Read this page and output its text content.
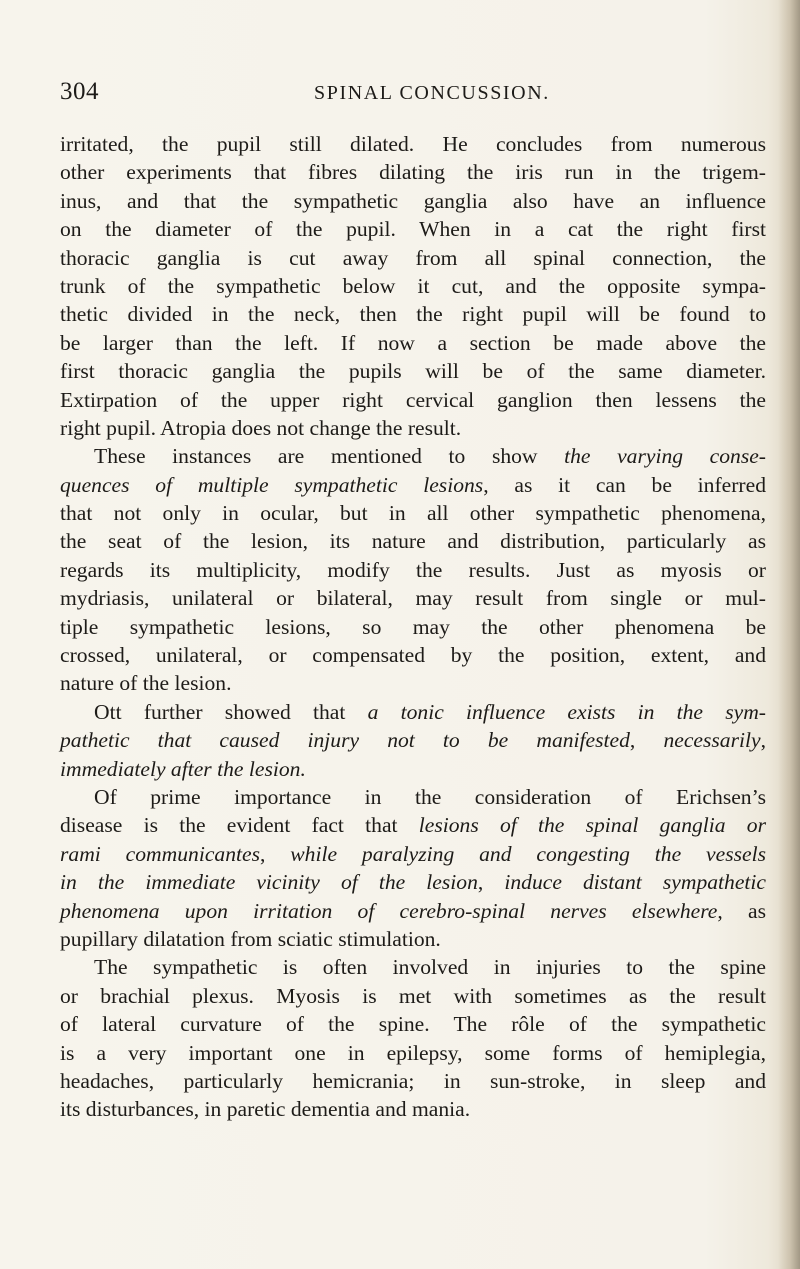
304	SPINAL CONCUSSION.
irritated, the pupil still dilated. He concludes from numerous
other experiments that fibres dilating the iris run in the trigem-
inus, and that the sympathetic ganglia also have an influence
on the diameter of the pupil. When in a cat the right first
thoracic ganglia is cut away from all spinal connection, the
trunk of the sympathetic below it cut, and the opposite sympa-
thetic divided in the neck, then the right pupil will be found to
be larger than the left. If now a section be made above the
first thoracic ganglia the pupils will be of the same diameter.
Extirpation of the upper right cervical ganglion then lessens the
right pupil. Atropia does not change the result.
These instances are mentioned to show the varying conse-
quences of multiple sympathetic lesions, as it can be inferred
that not only in ocular, but in all other sympathetic phenomena,
the seat of the lesion, its nature and distribution, particularly as
regards its multiplicity, modify the results. Just as myosis or
mydriasis, unilateral or bilateral, may result from single or mul-
tiple sympathetic lesions, so may the other phenomena be
crossed, unilateral, or compensated by the position, extent, and
nature of the lesion.
Ott further showed that a tonic influence exists in the sym-
pathetic that caused injury not to be manifested, necessarily,
immediately after the lesion.
Of prime importance in the consideration of Erichsen’s
disease is the evident fact that lesions of the spinal ganglia or
rami communicantes, while paralyzing and congesting the vessels
in the immediate vicinity of the lesion, induce distant sympathetic
phenomena upon irritation of cerebro-spinal nerves elsewhere, as
pupillary dilatation from sciatic stimulation.
The sympathetic is often involved in injuries to the spine
or brachial plexus. Myosis is met with sometimes as the result
of lateral curvature of the spine. The rôle of the sympathetic
is a very important one in epilepsy, some forms of hemiplegia,
headaches, particularly hemicrania; in sun-stroke, in sleep and
its disturbances, in paretic dementia and mania.
